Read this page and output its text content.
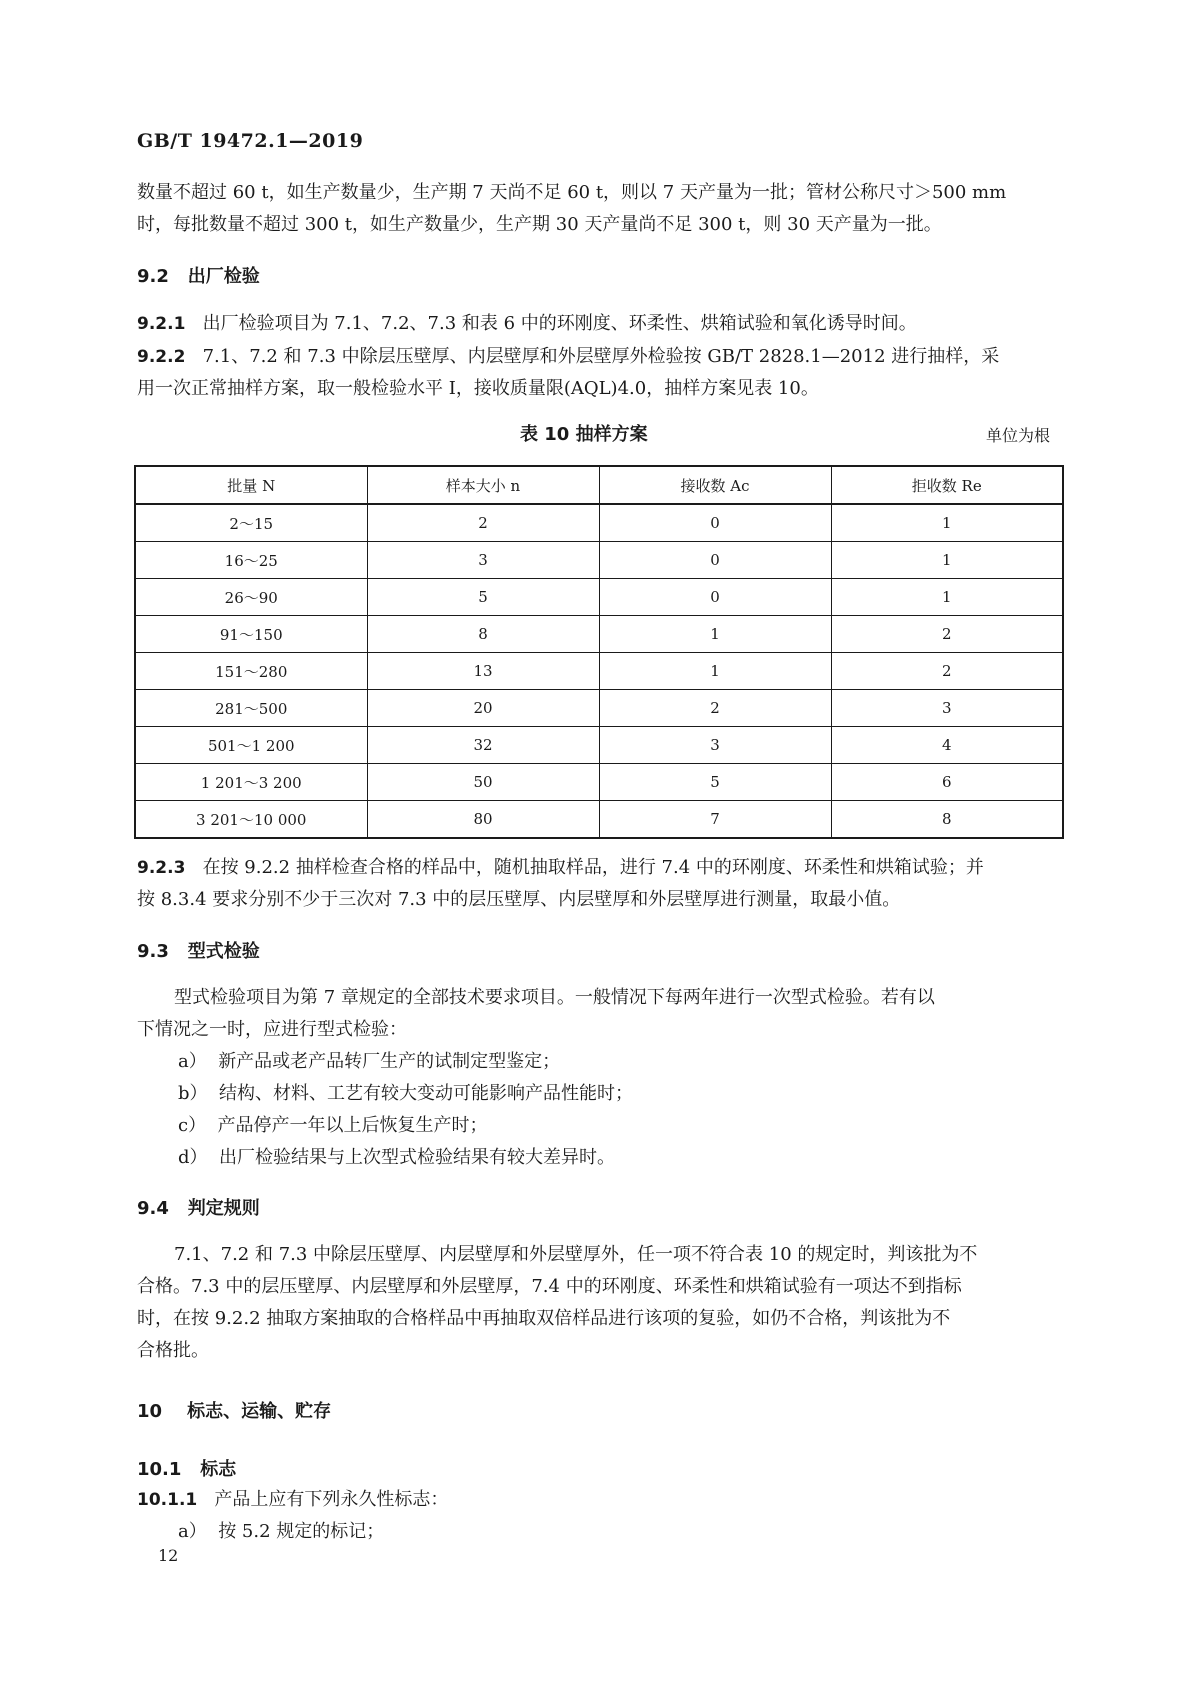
GB/T 19472.1—2019
数量不超过 60 t，如生产数量少，生产期 7 天尚不足 60 t，则以 7 天产量为一批；管材公称尺寸＞500 mm
时，每批数量不超过 300 t，如生产数量少，生产期 30 天产量尚不足 300 t，则 30 天产量为一批。
9.2 出厂检验
9.2.1 出厂检验项目为 7.1、7.2、7.3 和表 6 中的环刚度、环柔性、烘箱试验和氧化诱导时间。
9.2.2 7.1、7.2 和 7.3 中除层压壁厚、内层壁厚和外层壁厚外检验按 GB/T 2828.1—2012 进行抽样，采
用一次正常抽样方案，取一般检验水平 Ⅰ，接收质量限(AQL)4.0，抽样方案见表 10。
表 10 抽样方案	单位为根
批量 N	样本大小 n	接收数 Ac	拒收数 Re
2～15	2	0	1
16～25	3	0	1
26～90	5	0	1
91～150	8	1	2
151～280	13	1	2
281～500	20	2	3
501～1 200	32	3	4
1 201～3 200	50	5	6
3 201～10 000	80	7	8
9.2.3 在按 9.2.2 抽样检查合格的样品中，随机抽取样品，进行 7.4 中的环刚度、环柔性和烘箱试验；并
按 8.3.4 要求分别不少于三次对 7.3 中的层压壁厚、内层壁厚和外层壁厚进行测量，取最小值。
9.3 型式检验
型式检验项目为第 7 章规定的全部技术要求项目。一般情况下每两年进行一次型式检验。若有以
下情况之一时，应进行型式检验：
a） 新产品或老产品转厂生产的试制定型鉴定；
b） 结构、材料、工艺有较大变动可能影响产品性能时；
c） 产品停产一年以上后恢复生产时；
d） 出厂检验结果与上次型式检验结果有较大差异时。
9.4 判定规则
7.1、7.2 和 7.3 中除层压壁厚、内层壁厚和外层壁厚外，任一项不符合表 10 的规定时，判该批为不
合格。7.3 中的层压壁厚、内层壁厚和外层壁厚，7.4 中的环刚度、环柔性和烘箱试验有一项达不到指标
时，在按 9.2.2 抽取方案抽取的合格样品中再抽取双倍样品进行该项的复验，如仍不合格，判该批为不
合格批。
10 标志、运输、贮存
10.1 标志
10.1.1 产品上应有下列永久性标志：
a） 按 5.2 规定的标记；
12
